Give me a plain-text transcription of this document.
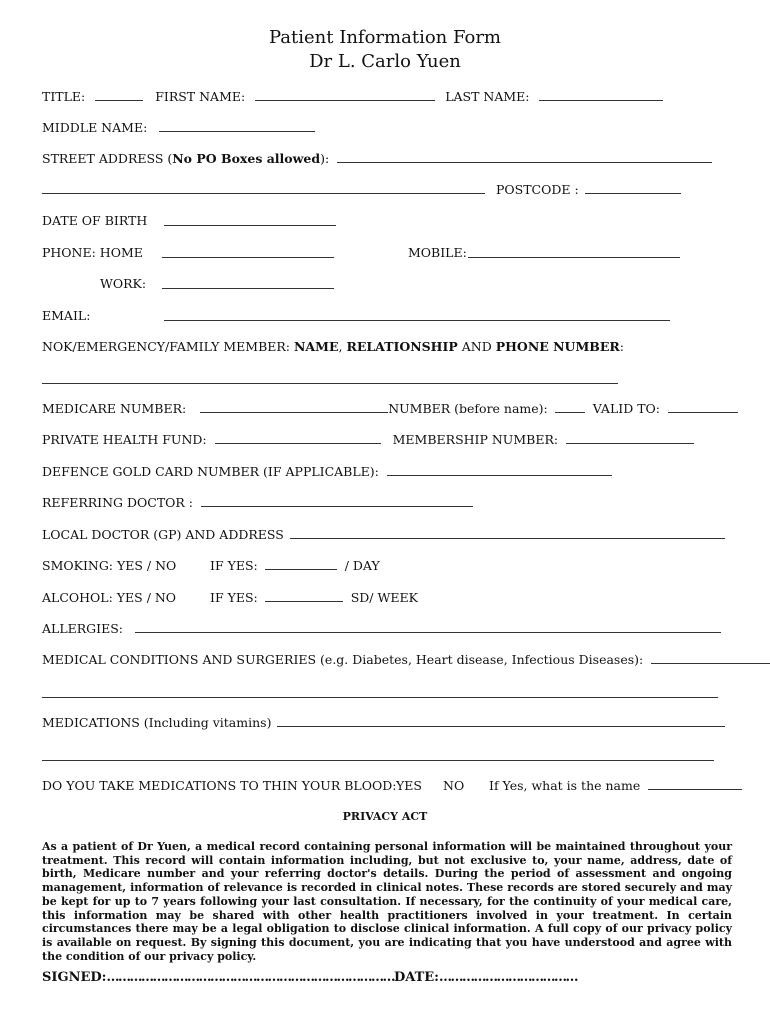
Patient Information Form
Dr L. Carlo Yuen
TITLE:	FIRST NAME:	LAST NAME:
MIDDLE NAME:
STREET ADDRESS (No PO Boxes allowed):
POSTCODE :
DATE OF BIRTH
PHONE: HOME	MOBILE:
WORK:
EMAIL:
NOK/EMERGENCY/FAMILY MEMBER: NAME, RELATIONSHIP AND PHONE NUMBER:
MEDICARE NUMBER:	NUMBER (before name):	VALID TO:
PRIVATE HEALTH FUND:	MEMBERSHIP NUMBER:
DEFENCE GOLD CARD NUMBER (IF APPLICABLE):
REFERRING DOCTOR :
LOCAL DOCTOR (GP) AND ADDRESS
SMOKING: YES / NO	IF YES:	/ DAY
ALCOHOL: YES / NO	IF YES:	SD/ WEEK
ALLERGIES:
MEDICAL CONDITIONS AND SURGERIES (e.g. Diabetes, Heart disease, Infectious Diseases):
MEDICATIONS (Including vitamins)
DO YOU TAKE MEDICATIONS TO THIN YOUR BLOOD: YES NO If Yes, what is the name
PRIVACY ACT
As a patient of Dr Yuen, a medical record containing personal information will be maintained throughout your treatment. This record will contain information including, but not exclusive to, your name, address, date of birth, Medicare number and your referring doctor's details. During the period of assessment and ongoing management, information of relevance is recorded in clinical notes. These records are stored securely and may be kept for up to 7 years following your last consultation. If necessary, for the continuity of your medical care, this information may be shared with other health practitioners involved in your treatment. In certain circumstances there may be a legal obligation to disclose clinical information. A full copy of our privacy policy is available on request. By signing this document, you are indicating that you have understood and agree with the condition of our privacy policy.
SIGNED:…………………………………………………………………DATE:………………………………
